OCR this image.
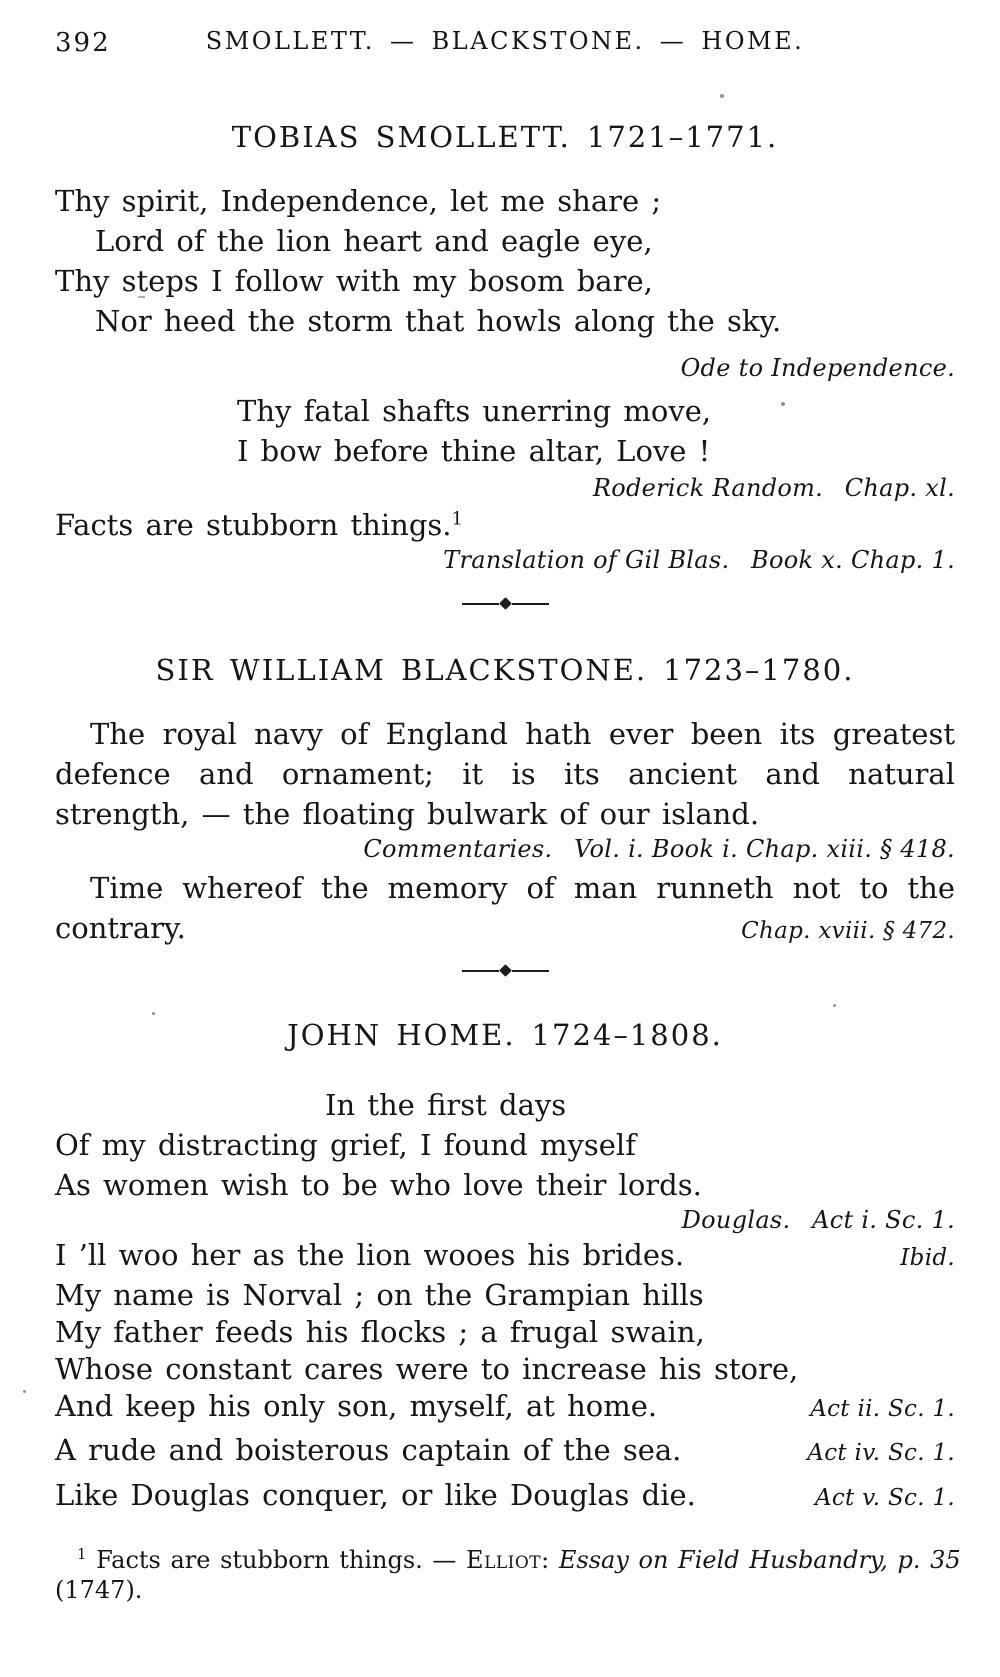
392	SMOLLETT. — BLACKSTONE. — HOME.
TOBIAS SMOLLETT. 1721–1771.
Thy spirit, Independence, let me share ;
Lord of the lion heart and eagle eye,
Thy steps I follow with my bosom bare,
Nor heed the storm that howls along the sky.
Ode to Independence.
Thy fatal shafts unerring move,
I bow before thine altar, Love !
Roderick Random. Chap. xl.
Facts are stubborn things.$^1$
Translation of Gil Blas. Book x. Chap. 1.
SIR WILLIAM BLACKSTONE. 1723–1780.
The royal navy of England hath ever been its greatest
defence and ornament; it is its ancient and natural
strength, — the floating bulwark of our island.
Commentaries. Vol. i. Book i. Chap. xiii. § 418.
Time whereof the memory of man runneth not to the
contrary.	Chap. xviii. § 472.
JOHN HOME. 1724–1808.
In the first days
Of my distracting grief, I found myself
As women wish to be who love their lords.
Douglas. Act i. Sc. 1.
I ’ll woo her as the lion wooes his brides.	Ibid.
My name is Norval ; on the Grampian hills
My father feeds his flocks ; a frugal swain,
Whose constant cares were to increase his store,
And keep his only son, myself, at home.	Act ii. Sc. 1.
A rude and boisterous captain of the sea.	Act iv. Sc. 1.
Like Douglas conquer, or like Douglas die.	Act v. Sc. 1.
$^1$ Facts are stubborn things. — Elliot: Essay on Field Husbandry, p. 35
(1747).
